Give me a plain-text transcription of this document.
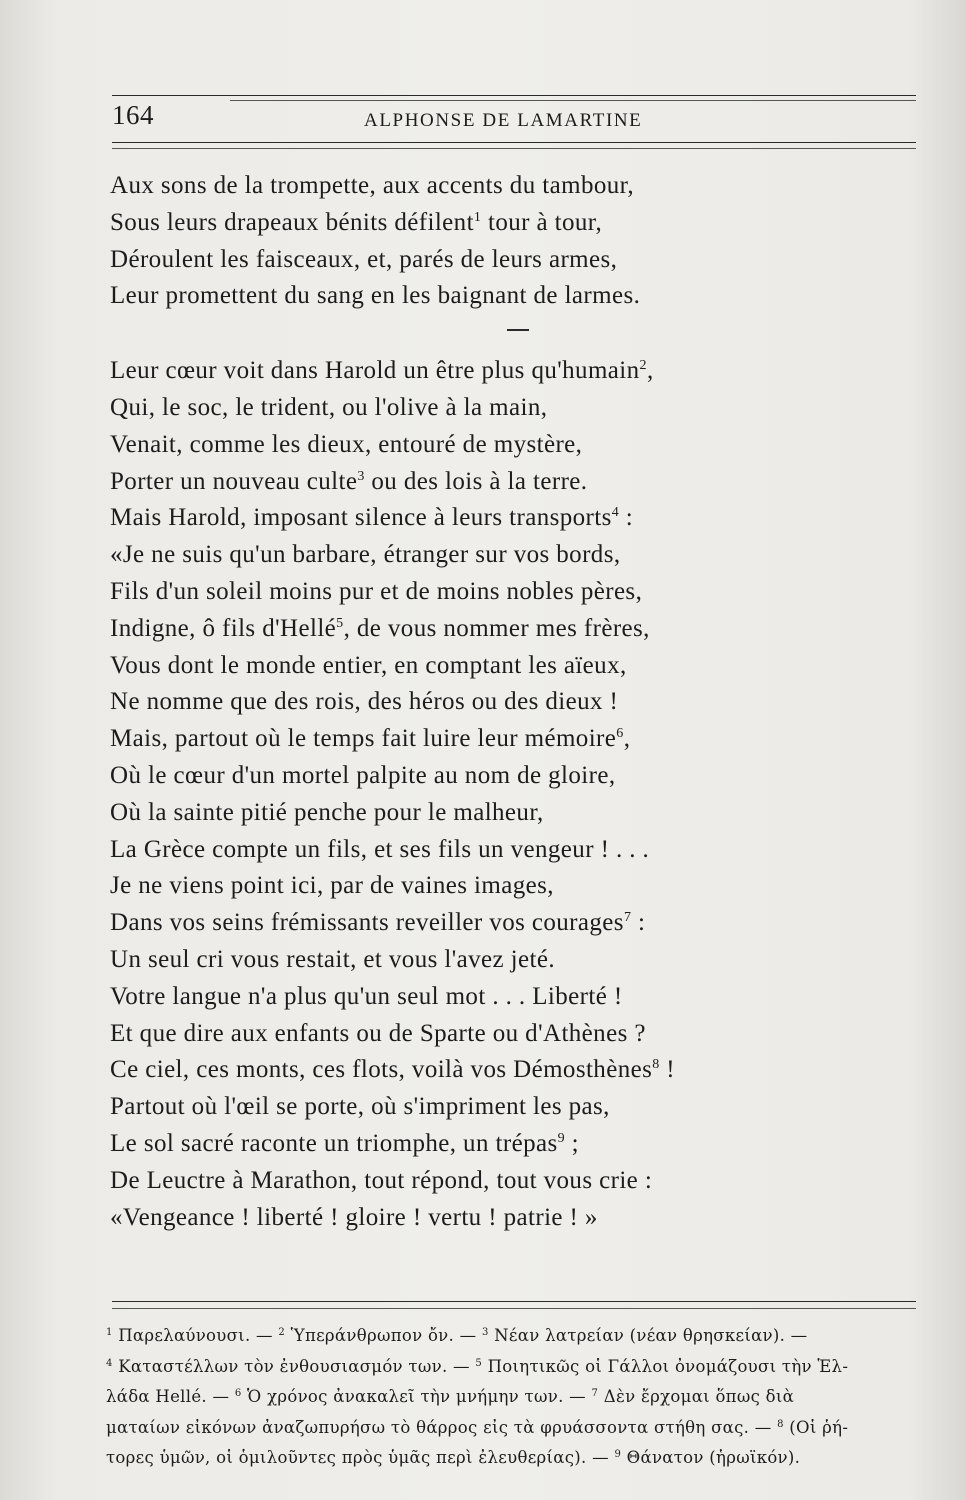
164	ALPHONSE DE LAMARTINE
Aux sons de la trompette, aux accents du tambour,
Sous leurs drapeaux bénits défilent$^1$ tour à tour,
Déroulent les faisceaux, et, parés de leurs armes,
Leur promettent du sang en les baignant de larmes.
Leur cœur voit dans Harold un être plus qu'humain$^2$,
Qui, le soc, le trident, ou l'olive à la main,
Venait, comme les dieux, entouré de mystère,
Porter un nouveau culte$^3$ ou des lois à la terre.
Mais Harold, imposant silence à leurs transports$^4$ :
«Je ne suis qu'un barbare, étranger sur vos bords,
Fils d'un soleil moins pur et de moins nobles pères,
Indigne, ô fils d'Hellé$^5$, de vous nommer mes frères,
Vous dont le monde entier, en comptant les aïeux,
Ne nomme que des rois, des héros ou des dieux !
Mais, partout où le temps fait luire leur mémoire$^6$,
Où le cœur d'un mortel palpite au nom de gloire,
Où la sainte pitié penche pour le malheur,
La Grèce compte un fils, et ses fils un vengeur ! . . .
Je ne viens point ici, par de vaines images,
Dans vos seins frémissants reveiller vos courages$^7$ :
Un seul cri vous restait, et vous l'avez jeté.
Votre langue n'a plus qu'un seul mot . . . Liberté !
Et que dire aux enfants ou de Sparte ou d'Athènes ?
Ce ciel, ces monts, ces flots, voilà vos Démosthènes$^8$ !
Partout où l'œil se porte, où s'impriment les pas,
Le sol sacré raconte un triomphe, un trépas$^9$ ;
De Leuctre à Marathon, tout répond, tout vous crie :
«Vengeance ! liberté ! gloire ! vertu ! patrie ! »

$^1$ Παρελαύνουσι. — $^2$ Ὑπεράνθρωπον ὄν. — $^3$ Νέαν λατρείαν (νέαν θρησκείαν). —

$^4$ Καταστέλλων τὸν ἐνθουσιασμόν των. — $^5$ Ποιητικῶς οἱ Γάλλοι ὀνομάζουσι τὴν Ἑλ-

λάδα Hellé. — $^6$ Ὁ χρόνος ἀνακαλεῖ τὴν μνήμην των. — $^7$ Δὲν ἔρχομαι ὅπως διὰ

ματαίων εἰκόνων ἀναζωπυρήσω τὸ θάρρος εἰς τὰ φρυάσσοντα στήθη σας. — $^8$ (Οἱ ῥή-

τορες ὑμῶν, οἱ ὁμιλοῦντες πρὸς ὑμᾶς περὶ ἐλευθερίας). — $^9$ Θάνατον (ἡρωϊκόν).
